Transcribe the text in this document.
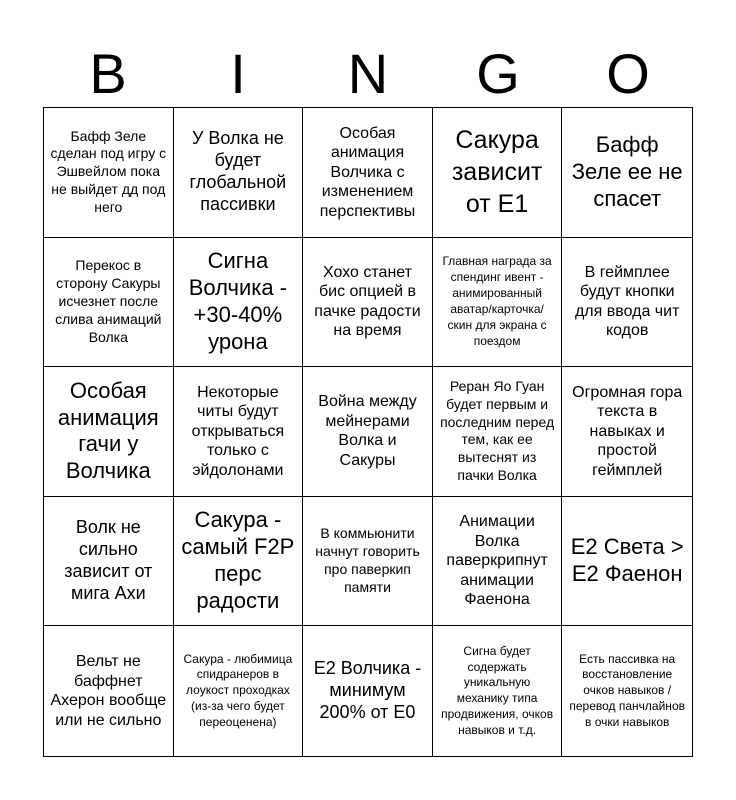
B	I	N	G	O
Бафф Зеле сделан под игру с Эшвейлом пока не выйдет дд под него
У Волка не будет глобальной пассивки
Особая анимация Волчика с изменением перспективы
Сакура зависит от Е1
Бафф Зеле ее не спасет
Перекос в сторону Сакуры исчезнет после слива анимаций Волка
Сигна Волчика - +30-40% урона
Хохо станет бис опцией в пачке радости на время
Главная награда за спендинг ивент - анимированный аватар/карточка/ скин для экрана с поездом
В геймплее будут кнопки для ввода чит кодов
Особая анимация гачи у Волчика
Некоторые читы будут открываться только с эйдолонами
Война между мейнерами Волка и Сакуры
Реран Яо Гуан будет первым и последним перед тем, как ее вытеснят из пачки Волка
Огромная гора текста в навыках и простой геймплей
Волк не сильно зависит от мига Ахи
Сакура - самый F2P перс радости
В коммьюнити начнут говорить про паверкип памяти
Анимации Волка паверкрипнут анимации Фаенона
Е2 Света > Е2 Фаенон
Вельт не баффнет Ахерон вообще или не сильно
Сакура - любимица спидранеров в лоукост проходках (из-за чего будет переоценена)
Е2 Волчика - минимум 200% от Е0
Сигна будет содержать уникальную механику типа продвижения, очков навыков и т.д.
Есть пассивка на восстановление очков навыков / перевод панчлайнов в очки навыков
